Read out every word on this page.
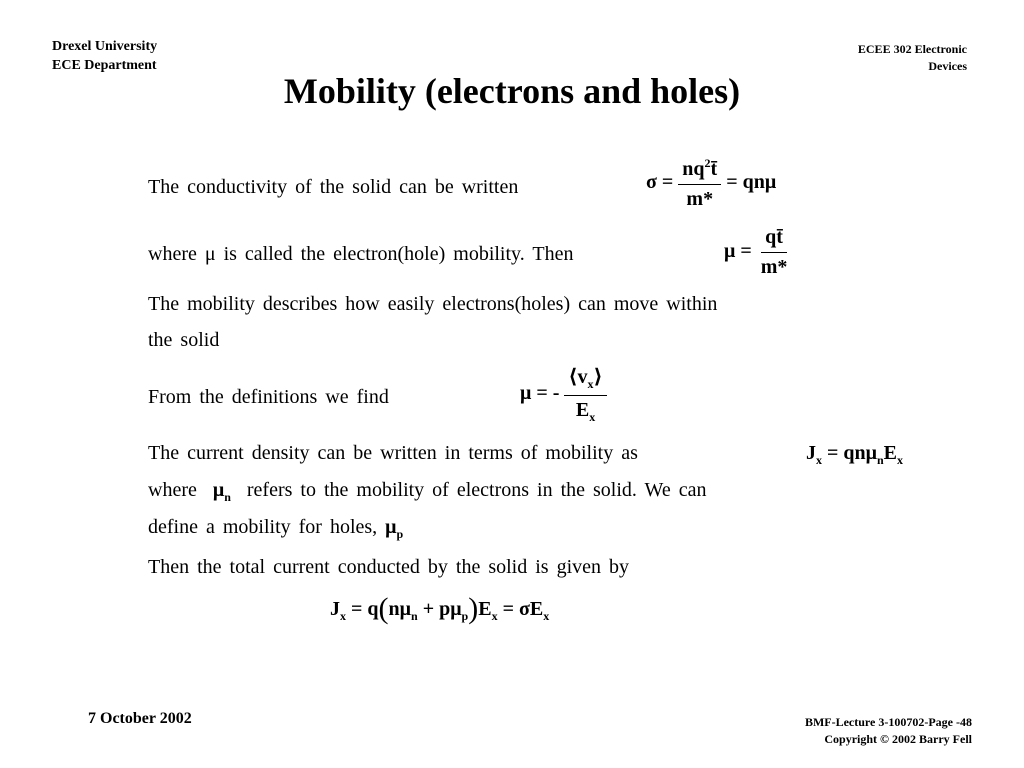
Drexel University
ECE Department
ECEE 302 Electronic
Devices
Mobility (electrons and holes)
The conductivity of the solid can be written	$\sigma = \frac{nq^2t̄}{m*} = qn\mu$
where μ is called the electron(hole) mobility. Then	$\mu = \frac{qt̄}{m*}$
The mobility describes how easily electrons(holes) can move within
the solid
From the definitions we find	μ = - $\frac{⟨v_x⟩}{E_x}$
The current density can be written in terms of mobility as	$J_x = qn\mu_nE_x$
where $\mu_n$ refers to the mobility of electrons in the solid. We can
define a mobility for holes, $\mu_p$
Then the total current conducted by the solid is given by
$J_x = q(n\mu_n + p\mu_p)E_x = \sigma E_x$
7 October 2002	BMF-Lecture 3-100702-Page -48
Copyright © 2002 Barry Fell
